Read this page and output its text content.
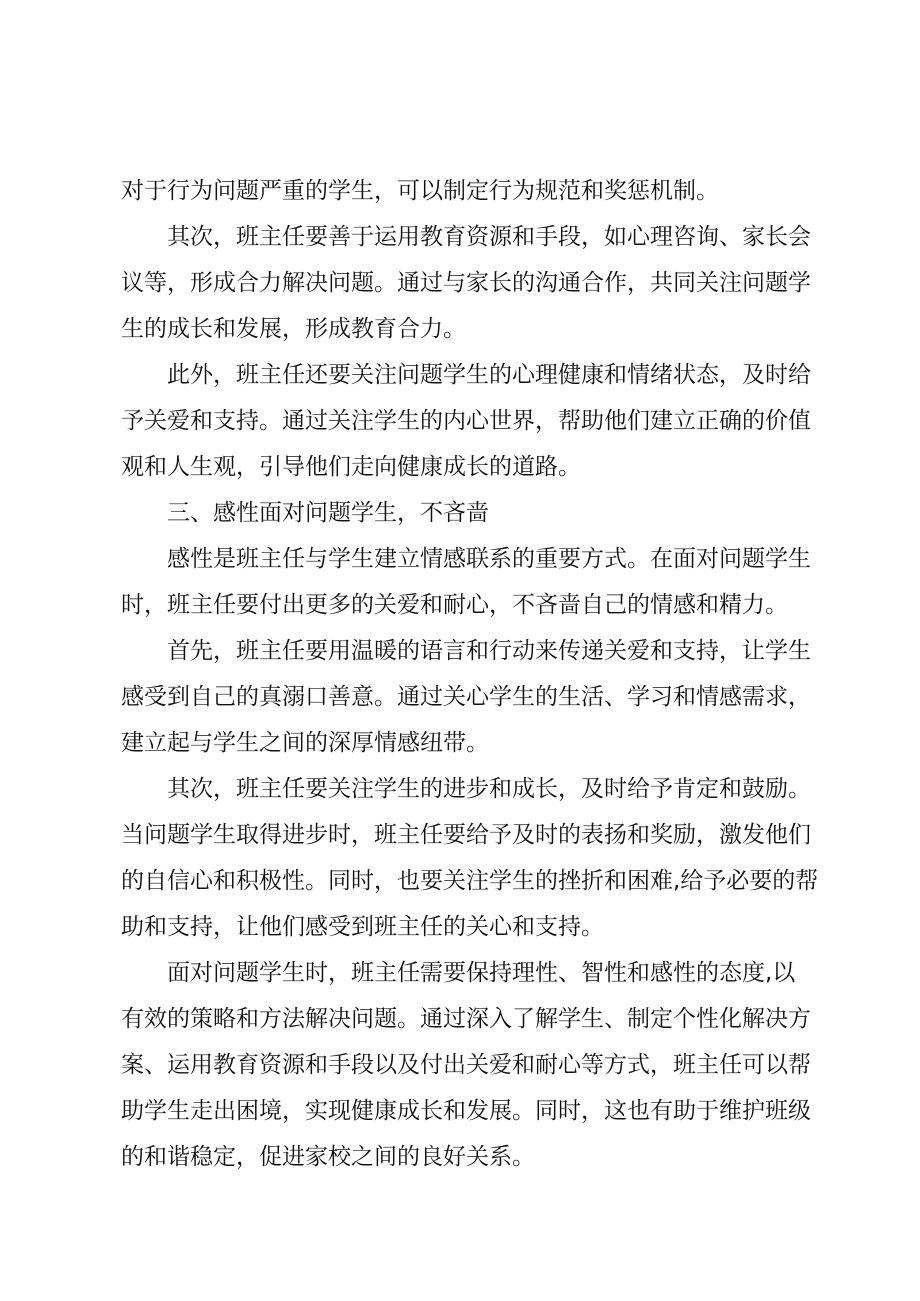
对于行为问题严重的学生，可以制定行为规范和奖惩机制。
其次，班主任要善于运用教育资源和手段，如心理咨询、家长会
议等，形成合力解决问题。通过与家长的沟通合作，共同关注问题学
生的成长和发展，形成教育合力。
此外，班主任还要关注问题学生的心理健康和情绪状态，及时给
予关爱和支持。通过关注学生的内心世界，帮助他们建立正确的价值
观和人生观，引导他们走向健康成长的道路。
三、感性面对问题学生，不吝啬
感性是班主任与学生建立情感联系的重要方式。在面对问题学生
时，班主任要付出更多的关爱和耐心，不吝啬自己的情感和精力。
首先，班主任要用温暖的语言和行动来传递关爱和支持，让学生
感受到自己的真溺口善意。通过关心学生的生活、学习和情感需求，
建立起与学生之间的深厚情感纽带。
其次，班主任要关注学生的进步和成长，及时给予肯定和鼓励。
当问题学生取得进步时，班主任要给予及时的表扬和奖励，激发他们
的自信心和积极性。同时，也要关注学生的挫折和困难,给予必要的帮
助和支持，让他们感受到班主任的关心和支持。
面对问题学生时，班主任需要保持理性、智性和感性的态度,以
有效的策略和方法解决问题。通过深入了解学生、制定个性化解决方
案、运用教育资源和手段以及付出关爱和耐心等方式，班主任可以帮
助学生走出困境，实现健康成长和发展。同时，这也有助于维护班级
的和谐稳定，促进家校之间的良好关系。
